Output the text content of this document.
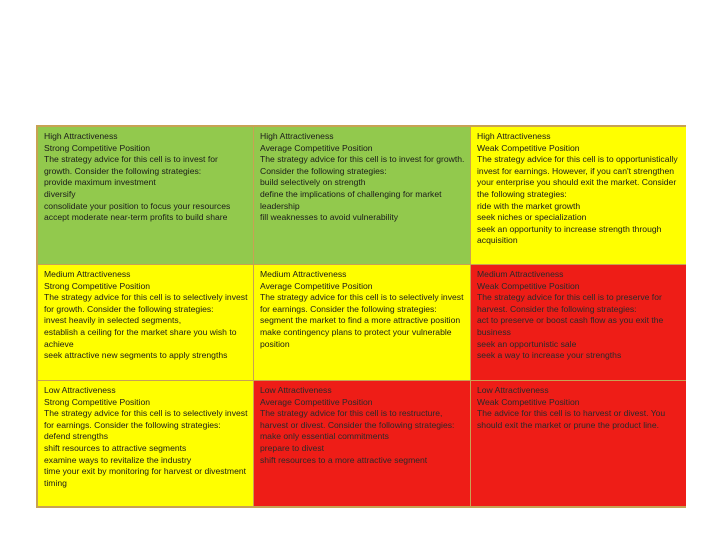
High Attractiveness
Strong Competitive Position
The strategy advice for this cell is to invest for growth. Consider the following strategies:
provide maximum investment
diversify
consolidate your position to focus your resources
accept moderate near-term profits to build share
High Attractiveness
Average Competitive Position
The strategy advice for this cell is to invest for growth. Consider the following strategies:
build selectively on strength
define the implications of challenging for market leadership
fill weaknesses to avoid vulnerability
High Attractiveness
Weak Competitive Position
The strategy advice for this cell is to opportunistically invest for earnings. However, if you can't strengthen your enterprise you should exit the market. Consider the following strategies:
ride with the market growth
seek niches or specialization
seek an opportunity to increase strength through acquisition
Medium Attractiveness
Strong Competitive Position
The strategy advice for this cell is to selectively invest for growth. Consider the following strategies:
invest heavily in selected segments,
establish a ceiling for the market share you wish to achieve
seek attractive new segments to apply strengths
Medium Attractiveness
Average Competitive Position
The strategy advice for this cell is to selectively invest for earnings. Consider the following strategies:
segment the market to find a more attractive position
make contingency plans to protect your vulnerable position
Medium Attractiveness
Weak Competitive Position
The strategy advice for this cell is to preserve for harvest. Consider the following strategies:
act to preserve or boost cash flow as you exit the business
seek an opportunistic sale
seek a way to increase your strengths
Low Attractiveness
Strong Competitive Position
The strategy advice for this cell is to selectively invest for earnings. Consider the following strategies:
defend strengths
shift resources to attractive segments
examine ways to revitalize the industry
time your exit by monitoring for harvest or divestment timing
Low Attractiveness
Average Competitive Position
The strategy advice for this cell is to restructure, harvest or divest. Consider the following strategies:
make only essential commitments
prepare to divest
shift resources to a more attractive segment
Low Attractiveness
Weak Competitive Position
The advice for this cell is to harvest or divest. You should exit the market or prune the product line.
